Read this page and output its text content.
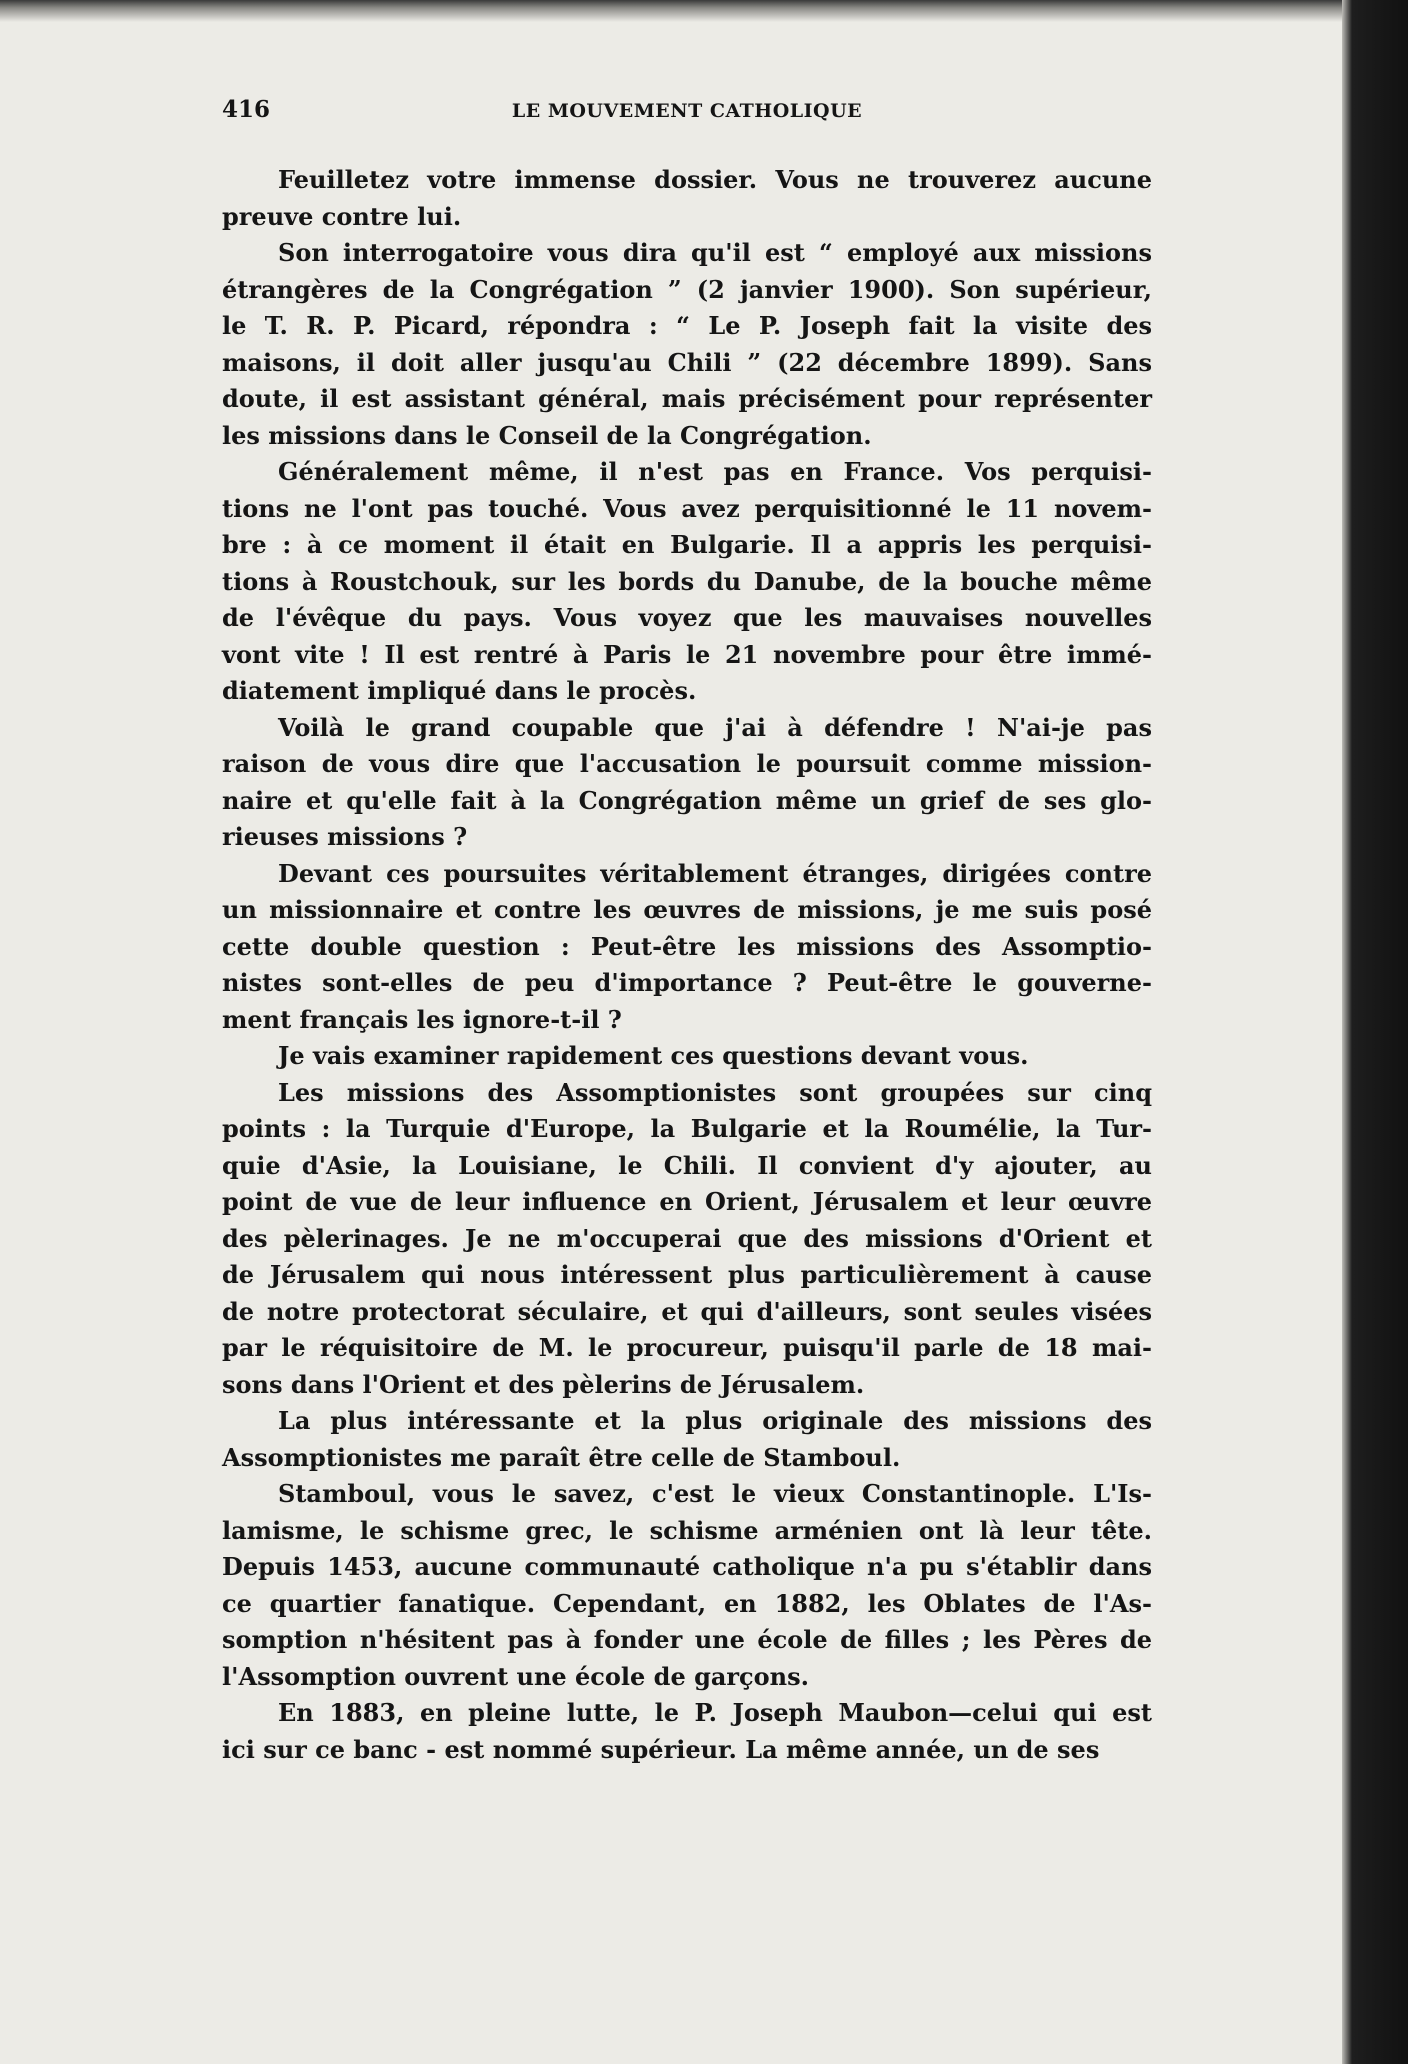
416	LE MOUVEMENT CATHOLIQUE

Feuilletez votre immense dossier. Vous ne trouverez aucune
preuve contre lui.

Son interrogatoire vous dira qu'il est “ employé aux missions
étrangères de la Congrégation ” (2 janvier 1900). Son supérieur,
le T. R. P. Picard, répondra : “ Le P. Joseph fait la visite des
maisons, il doit aller jusqu'au Chili ” (22 décembre 1899). Sans
doute, il est assistant général, mais précisément pour représenter
les missions dans le Conseil de la Congrégation.

Généralement même, il n'est pas en France. Vos perquisi-
tions ne l'ont pas touché. Vous avez perquisitionné le 11 novem-
bre : à ce moment il était en Bulgarie. Il a appris les perquisi-
tions à Roustchouk, sur les bords du Danube, de la bouche même
de l'évêque du pays. Vous voyez que les mauvaises nouvelles
vont vite ! Il est rentré à Paris le 21 novembre pour être immé-
diatement impliqué dans le procès.

Voilà le grand coupable que j'ai à défendre ! N'ai-je pas
raison de vous dire que l'accusation le poursuit comme mission-
naire et qu'elle fait à la Congrégation même un grief de ses glo-
rieuses missions ?

Devant ces poursuites véritablement étranges, dirigées contre
un missionnaire et contre les œuvres de missions, je me suis posé
cette double question : Peut-être les missions des Assomptio-
nistes sont-elles de peu d'importance ? Peut-être le gouverne-
ment français les ignore-t-il ?

Je vais examiner rapidement ces questions devant vous.

Les missions des Assomptionistes sont groupées sur cinq
points : la Turquie d'Europe, la Bulgarie et la Roumélie, la Tur-
quie d'Asie, la Louisiane, le Chili. Il convient d'y ajouter, au
point de vue de leur influence en Orient, Jérusalem et leur œuvre
des pèlerinages. Je ne m'occuperai que des missions d'Orient et
de Jérusalem qui nous intéressent plus particulièrement à cause
de notre protectorat séculaire, et qui d'ailleurs, sont seules visées
par le réquisitoire de M. le procureur, puisqu'il parle de 18 mai-
sons dans l'Orient et des pèlerins de Jérusalem.

La plus intéressante et la plus originale des missions des
Assomptionistes me paraît être celle de Stamboul.

Stamboul, vous le savez, c'est le vieux Constantinople. L'Is-
lamisme, le schisme grec, le schisme arménien ont là leur tête.
Depuis 1453, aucune communauté catholique n'a pu s'établir dans
ce quartier fanatique. Cependant, en 1882, les Oblates de l'As-
somption n'hésitent pas à fonder une école de filles ; les Pères de
l'Assomption ouvrent une école de garçons.

En 1883, en pleine lutte, le P. Joseph Maubon—celui qui est
ici sur ce banc - est nommé supérieur. La même année, un de ses
